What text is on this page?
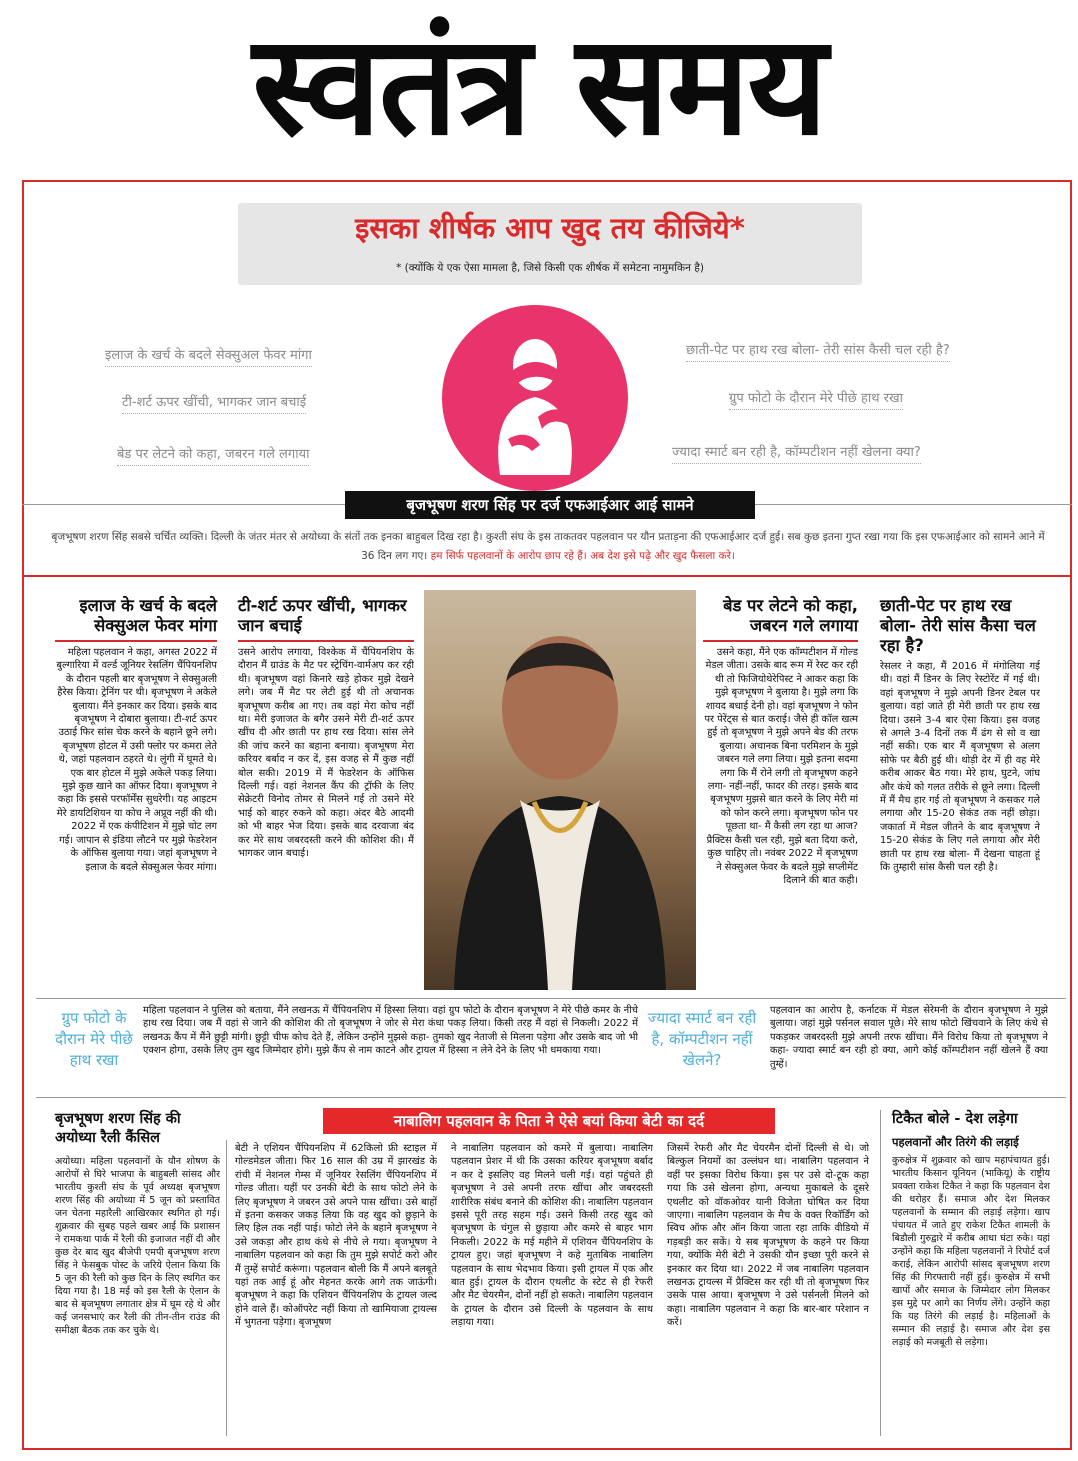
स्वतंत्र समय
इसका शीर्षक आप खुद तय कीजिये*
* (क्योंकि ये एक ऐसा मामला है, जिसे किसी एक शीर्षक में समेटना नामुमकिन है)
इलाज के खर्च के बदले सेक्सुअल फेवर मांगा
टी-शर्ट ऊपर खींची, भागकर जान बचाई
बेड पर लेटने को कहा, जबरन गले लगाया
छाती-पेट पर हाथ रख बोला- तेरी सांस कैसी चल रही है?
ग्रुप फोटो के दौरान मेरे पीछे हाथ रखा
ज्यादा स्मार्ट बन रही है, कॉम्पटीशन नहीं खेलना क्या?
बृजभूषण शरण सिंह पर दर्ज एफआईआर आई सामने
बृजभूषण शरण सिंह सबसे चर्चित व्यक्ति। दिल्ली के जंतर मंतर से अयोध्या के संतों तक इनका बाहुबल दिख रहा है। कुश्ती संघ के इस ताकतवर पहलवान पर यौन प्रताड़ना की एफआईआर दर्ज हुई। सब कुछ इतना गुप्त रखा गया कि इस एफआईआर को सामने आने में 36 दिन लग गए। हम सिर्फ पहलवानों के आरोप छाप रहे हैं। अब देश इसे पढ़े और खुद फैसला करे।
इलाज के खर्च के बदले सेक्सुअल फेवर मांगा
महिला पहलवान ने कहा, अगस्त 2022 में बुल्गारिया में वर्ल्ड जूनियर रेसलिंग चैंपियनशिप के दौरान पहली बार बृजभूषण ने सेक्सुअली हैरेस किया। ट्रेनिंग पर थी। बृजभूषण ने अकेले बुलाया। मैंने इनकार कर दिया। इसके बाद बृजभूषण ने दोबारा बुलाया। टी-शर्ट ऊपर उठाई फिर सांस चेक करने के बहाने छूने लगे। बृजभूषण होटल में उसी फ्लोर पर कमरा लेते थे, जहां पहलवान ठहरते थे। लुंगी में घूमते थे। एक बार होटल में मुझे अकेले पकड़ लिया। मुझे कुछ खाने का ऑफर दिया। बृजभूषण ने कहा कि इससे परफॉर्मेंस सुधरेगी। यह आइटम मेरे डायटिशियन या कोच ने अप्रूव नहीं की थी। 2022 में एक कंपीटिशन में मुझे चोट लग गई। जापान से इंडिया लौटने पर मुझे फेडरेशन के ऑफिस बुलाया गया। जहां बृजभूषण ने इलाज के बदले सेक्सुअल फेवर मांगा।
टी-शर्ट ऊपर खींची, भागकर जान बचाई
उसने आरोप लगाया, विश्केक में चैंपियनशिप के दौरान मैं ग्राउंड के मैट पर स्ट्रेचिंग-वार्मअप कर रही थी। बृजभूषण वहां किनारे खड़े होकर मुझे देखने लगे। जब मैं मैट पर लेटी हुई थी तो अचानक बृजभूषण करीब आ गए। तब वहां मेरा कोच नहीं था। मेरी इजाजत के बगैर उसने मेरी टी-शर्ट ऊपर खींच दी और छाती पर हाथ रख दिया। सांस लेने की जांच करने का बहाना बनाया। बृजभूषण मेरा करियर बर्बाद न कर दें, इस वजह से मैं कुछ नहीं बोल सकी। 2019 में मैं फेडरेशन के ऑफिस दिल्ली गई। वहां नेशनल कैंप की ट्रॉफी के लिए सेक्रेटरी विनोद तोमर से मिलने गई तो उसने मेरे भाई को बाहर रुकने को कहा। अंदर बैठे आदमी को भी बाहर भेज दिया। इसके बाद दरवाजा बंद कर मेरे साथ जबरदस्ती करने की कोशिश की। मैं भागकर जान बचाई।
बेड पर लेटने को कहा, जबरन गले लगाया
उसने कहा, मैंने एक कॉम्पटीशन में गोल्ड मेडल जीता। उसके बाद रूम में रेस्ट कर रही थी तो फिजियोथेरेपिस्ट ने आकर कहा कि मुझे बृजभूषण ने बुलाया है। मुझे लगा कि शायद बधाई देनी हो। वहां बृजभूषण ने फोन पर पेरेंट्स से बात कराई। जैसे ही कॉल खत्म हुई तो बृजभूषण ने मुझे अपने बेड की तरफ बुलाया। अचानक बिना परमिशन के मुझे जबरन गले लगा लिया। मुझे इतना सदमा लगा कि मैं रोने लगी तो बृजभूषण कहने लगा- नहीं-नहीं, फादर की तरह। इसके बाद बृजभूषण मुझसे बात करने के लिए मेरी मां को फोन करने लगा। बृजभूषण फोन पर पूछता था- मैं कैसी लग रहा था आज? प्रैक्टिस कैसी चल रही, मुझे बता दिया करो, कुछ चाहिए तो। नवंबर 2022 में बृजभूषण ने सेक्सुअल फेवर के बदले मुझे सप्लीमेंट दिलाने की बात कही।
छाती-पेट पर हाथ रख बोला- तेरी सांस कैसा चल रहा है?
रेसलर ने कहा, मैं 2016 में मंगोलिया गई थी। वहां मैं डिनर के लिए रेस्टोरेंट में गई थी। वहां बृजभूषण ने मुझे अपनी डिनर टेबल पर बुलाया। वहां जाते ही मेरी छाती पर हाथ रख दिया। उसने 3-4 बार ऐसा किया। इस वजह से अगले 3-4 दिनों तक मैं ढंग से सो व खा नहीं सकी। एक बार मैं बृजभूषण से अलग सोफे पर बैठी हुई थी। थोड़ी देर में ही वह मेरे करीब आकर बैठ गया। मेरे हाथ, घुटने, जांघ और कंधे को गलत तरीके से छूने लगा। दिल्ली में मैं मैच हार गई तो बृजभूषण ने कसकर गले लगाया और 15-20 सेकंड तक नहीं छोड़ा। जकार्ता में मेडल जीतने के बाद बृजभूषण ने 15-20 सेकंड के लिए गले लगाया और मेरी छाती पर हाथ रख बोला- मैं देखना चाहता हूं कि तुम्हारी सांस कैसी चल रही है।
ग्रुप फोटो के दौरान मेरे पीछे हाथ रखा
महिला पहलवान ने पुलिस को बताया, मैंने लखनऊ में चैंपियनशिप में हिस्सा लिया। वहां ग्रुप फोटो के दौरान बृजभूषण ने मेरे पीछे कमर के नीचे हाथ रख दिया। जब मैं वहां से जाने की कोशिश की तो बृजभूषण ने जोर से मेरा कंधा पकड़ लिया। किसी तरह मैं वहां से निकली। 2022 में लखनऊ कैंप में मैंने छुट्टी मांगी। छुट्टी चीफ कोच देते हैं, लेकिन उन्होंने मुझसे कहा- तुमको खुद नेताजी से मिलना पड़ेगा और उसके बाद जो भी एक्शन होगा, उसके लिए तुम खुद जिम्मेदार होगे। मुझे कैंप से नाम काटने और ट्रायल में हिस्सा न लेने देने के लिए भी धमकाया गया।
ज्यादा स्मार्ट बन रही है, कॉम्पटीशन नहीं खेलने?
पहलवान का आरोप है, कर्नाटक में मेडल सेरेमनी के दौरान बृजभूषण ने मुझे बुलाया। जहां मुझे पर्सनल सवाल पूछे। मेरे साथ फोटो खिंचवाने के लिए कंधे से पकड़कर जबरदस्ती मुझे अपनी तरफ खींचा। मैंने विरोध किया तो बृजभूषण ने कहा- ज्यादा स्मार्ट बन रही हो क्या, आगे कोई कॉम्पटीशन नहीं खेलने हैं क्या तुम्हें।
बृजभूषण शरण सिंह की अयोध्या रैली कैंसिल
अयोध्या। महिला पहलवानों के यौन शोषण के आरोपों से घिरे भाजपा के बाहुबली सांसद और भारतीय कुश्ती संघ के पूर्व अध्यक्ष बृजभूषण शरण सिंह की अयोध्या में 5 जून को प्रस्तावित जन चेतना महारैली आखिरकार स्थगित हो गई। शुक्रवार की सुबह पहले खबर आई कि प्रशासन ने रामकथा पार्क में रैली की इजाजत नहीं दी और कुछ देर बाद खुद बीजेपी एमपी बृजभूषण शरण सिंह ने फेसबुक पोस्ट के जरिये ऐलान किया कि 5 जून की रैली को कुछ दिन के लिए स्थगित कर दिया गया है। 18 मई को इस रैली के ऐलान के बाद से बृजभूषण लगातार क्षेत्र में घूम रहे थे और कई जनसभाएं कर रैली की तीन-तीन राउंड की समीक्षा बैठक तक कर चुके थे।
नाबालिग पहलवान के पिता ने ऐसे बयां किया बेटी का दर्द
बेटी ने एशियन चैंपियनशिप में 62किलो फ्री स्टाइल में गोल्डमेडल जीता। फिर 16 साल की उम्र में झारखंड के रांची में नेशनल गेम्स में जूनियर रेसलिंग चैंपियनशिप में गोल्ड जीता। यहीं पर उनकी बेटी के साथ फोटो लेने के लिए बृजभूषण ने जबरन उसे अपने पास खींचा। उसे बाहों में इतना कसकर जकड़ लिया कि वह खुद को छुड़ाने के लिए हिल तक नहीं पाई। फोटो लेने के बहाने बृजभूषण ने उसे जकड़ा और हाथ कंधे से नीचे ले गया। बृजभूषण ने नाबालिग पहलवान को कहा कि तुम मुझे सपोर्ट करो और मैं तुम्हें सपोर्ट करूंगा। पहलवान बोली कि मैं अपने बलबूते यहां तक आई हूं और मेहनत करके आगे तक जाऊंगी। बृजभूषण ने कहा कि एशियन चैंपियनशिप के ट्रायल जल्द होने वाले हैं। कोऑपरेट नहीं किया तो खामियाजा ट्रायल्स में भुगतना पड़ेगा। बृजभूषण
ने नाबालिग पहलवान को कमरे में बुलाया। नाबालिग पहलवान प्रेशर में थी कि उसका करियर बृजभूषण बर्बाद न कर दे इसलिए वह मिलने चली गई। वहां पहुंचते ही बृजभूषण ने उसे अपनी तरफ खींचा और जबरदस्ती शारीरिक संबंध बनाने की कोशिश की। नाबालिग पहलवान इससे पूरी तरह सहम गई। उसने किसी तरह खुद को बृजभूषण के चंगुल से छुड़ाया और कमरे से बाहर भाग निकली। 2022 के मई महीने में एशियन चैंपियनशिप के ट्रायल हुए। जहां बृजभूषण ने कहे मुताबिक नाबालिग पहलवान के साथ भेदभाव किया। इसी ट्रायल में एक और बात हुई। ट्रायल के दौरान एथलीट के स्टेट से ही रेफरी और मैट चेयरमैन, दोनों नहीं हो सकते। नाबालिग पहलवान के ट्रायल के दौरान उसे दिल्ली के पहलवान के साथ लड़ाया गया।
जिसमें रेफरी और मैट चेयरमैन दोनों दिल्ली से थे। जो बिल्कुल नियमों का उल्लंघन था। नाबालिग पहलवान ने वहीं पर इसका विरोध किया। इस पर उसे दो-टूक कहा गया कि उसे खेलना होगा, अन्यथा मुकाबले के दूसरे एथलीट को वॉकओवर यानी विजेता घोषित कर दिया जाएगा। नाबालिग पहलवान के मैच के वक्त रिकॉर्डिंग को स्विच ऑफ और ऑन किया जाता रहा ताकि वीडियो में गड़बड़ी कर सकें। ये सब बृजभूषण के कहने पर किया गया, क्योंकि मेरी बेटी ने उसकी यौन इच्छा पूरी करने से इनकार कर दिया था। 2022 में जब नाबालिग पहलवान लखनऊ ट्रायल्स में प्रैक्टिस कर रही थी तो बृजभूषण फिर उसके पास आया। बृजभूषण ने उसे पर्सनली मिलने को कहा। नाबालिग पहलवान ने कहा कि बार-बार परेशान न करें।
टिकैत बोले - देश लड़ेगा
पहलवानों और तिरंगे की लड़ाई
कुरुक्षेत्र में शुक्रवार को खाप महापंचायत हुई। भारतीय किसान यूनियन (भाकियू) के राष्ट्रीय प्रवक्ता राकेश टिकैत ने कहा कि पहलवान देश की धरोहर हैं। समाज और देश मिलकर पहलवानों के सम्मान की लड़ाई लड़ेगा। खाप पंचायत में जाते हुए राकेश टिकैत शामली के बिडौली गुरुद्वारे में करीब आधा घंटा रुके। यहां उन्होंने कहा कि महिला पहलवानों ने रिपोर्ट दर्ज कराई, लेकिन आरोपी सांसद बृजभूषण शरण सिंह की गिरफ्तारी नहीं हुई। कुरुक्षेत्र में सभी खापों और समाज के जिम्मेदार लोग मिलकर इस मुद्दे पर आगे का निर्णय लेंगे। उन्होंने कहा कि यह तिरंगे की लड़ाई है। महिलाओं के सम्मान की लड़ाई है। समाज और देश इस लड़ाई को मजबूती से लड़ेगा।
